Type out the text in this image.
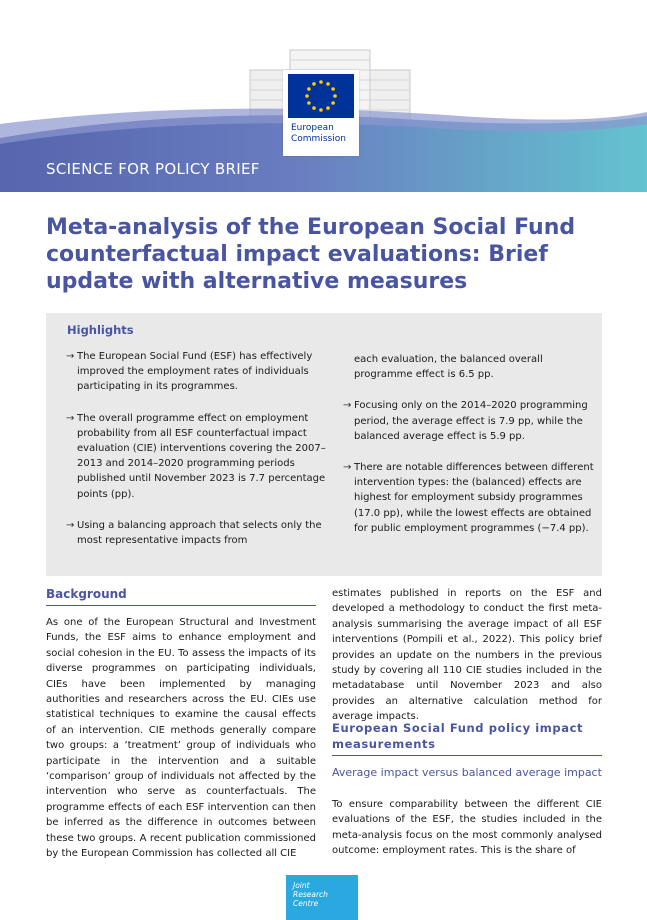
European
Commission
SCIENCE FOR POLICY BRIEF
Meta-analysis of the European Social Fund counterfactual impact evaluations: Brief update with alternative measures
Highlights
→ The European Social Fund (ESF) has effectively improved the employment rates of individuals participating in its programmes.
→ The overall programme effect on employment probability from all ESF counterfactual impact evaluation (CIE) interventions covering the 2007–2013 and 2014–2020 programming periods published until November 2023 is 7.7 percentage points (pp).
→ Using a balancing approach that selects only the most representative impacts from
each evaluation, the balanced overall programme effect is 6.5 pp.
→ Focusing only on the 2014–2020 programming period, the average effect is 7.9 pp, while the balanced average effect is 5.9 pp.
→ There are notable differences between different intervention types: the (balanced) effects are highest for employment subsidy programmes (17.0 pp), while the lowest effects are obtained for public employment programmes (−7.4 pp).
Background
As one of the European Structural and Investment Funds, the ESF aims to enhance employment and social cohesion in the EU. To assess the impacts of its diverse programmes on participating individuals, CIEs have been implemented by managing authorities and researchers across the EU. CIEs use statistical techniques to examine the causal effects of an intervention. CIE methods generally compare two groups: a ‘treatment’ group of individuals who participate in the intervention and a suitable ‘comparison’ group of individuals not affected by the intervention who serve as counterfactuals. The programme effects of each ESF intervention can then be inferred as the difference in outcomes between these two groups. A recent publication commissioned by the European Commission has collected all CIE
estimates published in reports on the ESF and developed a methodology to conduct the first meta-analysis summarising the average impact of all ESF interventions (Pompili et al., 2022). This policy brief provides an update on the numbers in the previous study by covering all 110 CIE studies included in the metadatabase until November 2023 and also provides an alternative calculation method for average impacts.
European Social Fund policy impact measurements
Average impact versus balanced average impact
To ensure comparability between the different CIE evaluations of the ESF, the studies included in the meta-analysis focus on the most commonly analysed outcome: employment rates. This is the share of
Joint
Research
Centre
